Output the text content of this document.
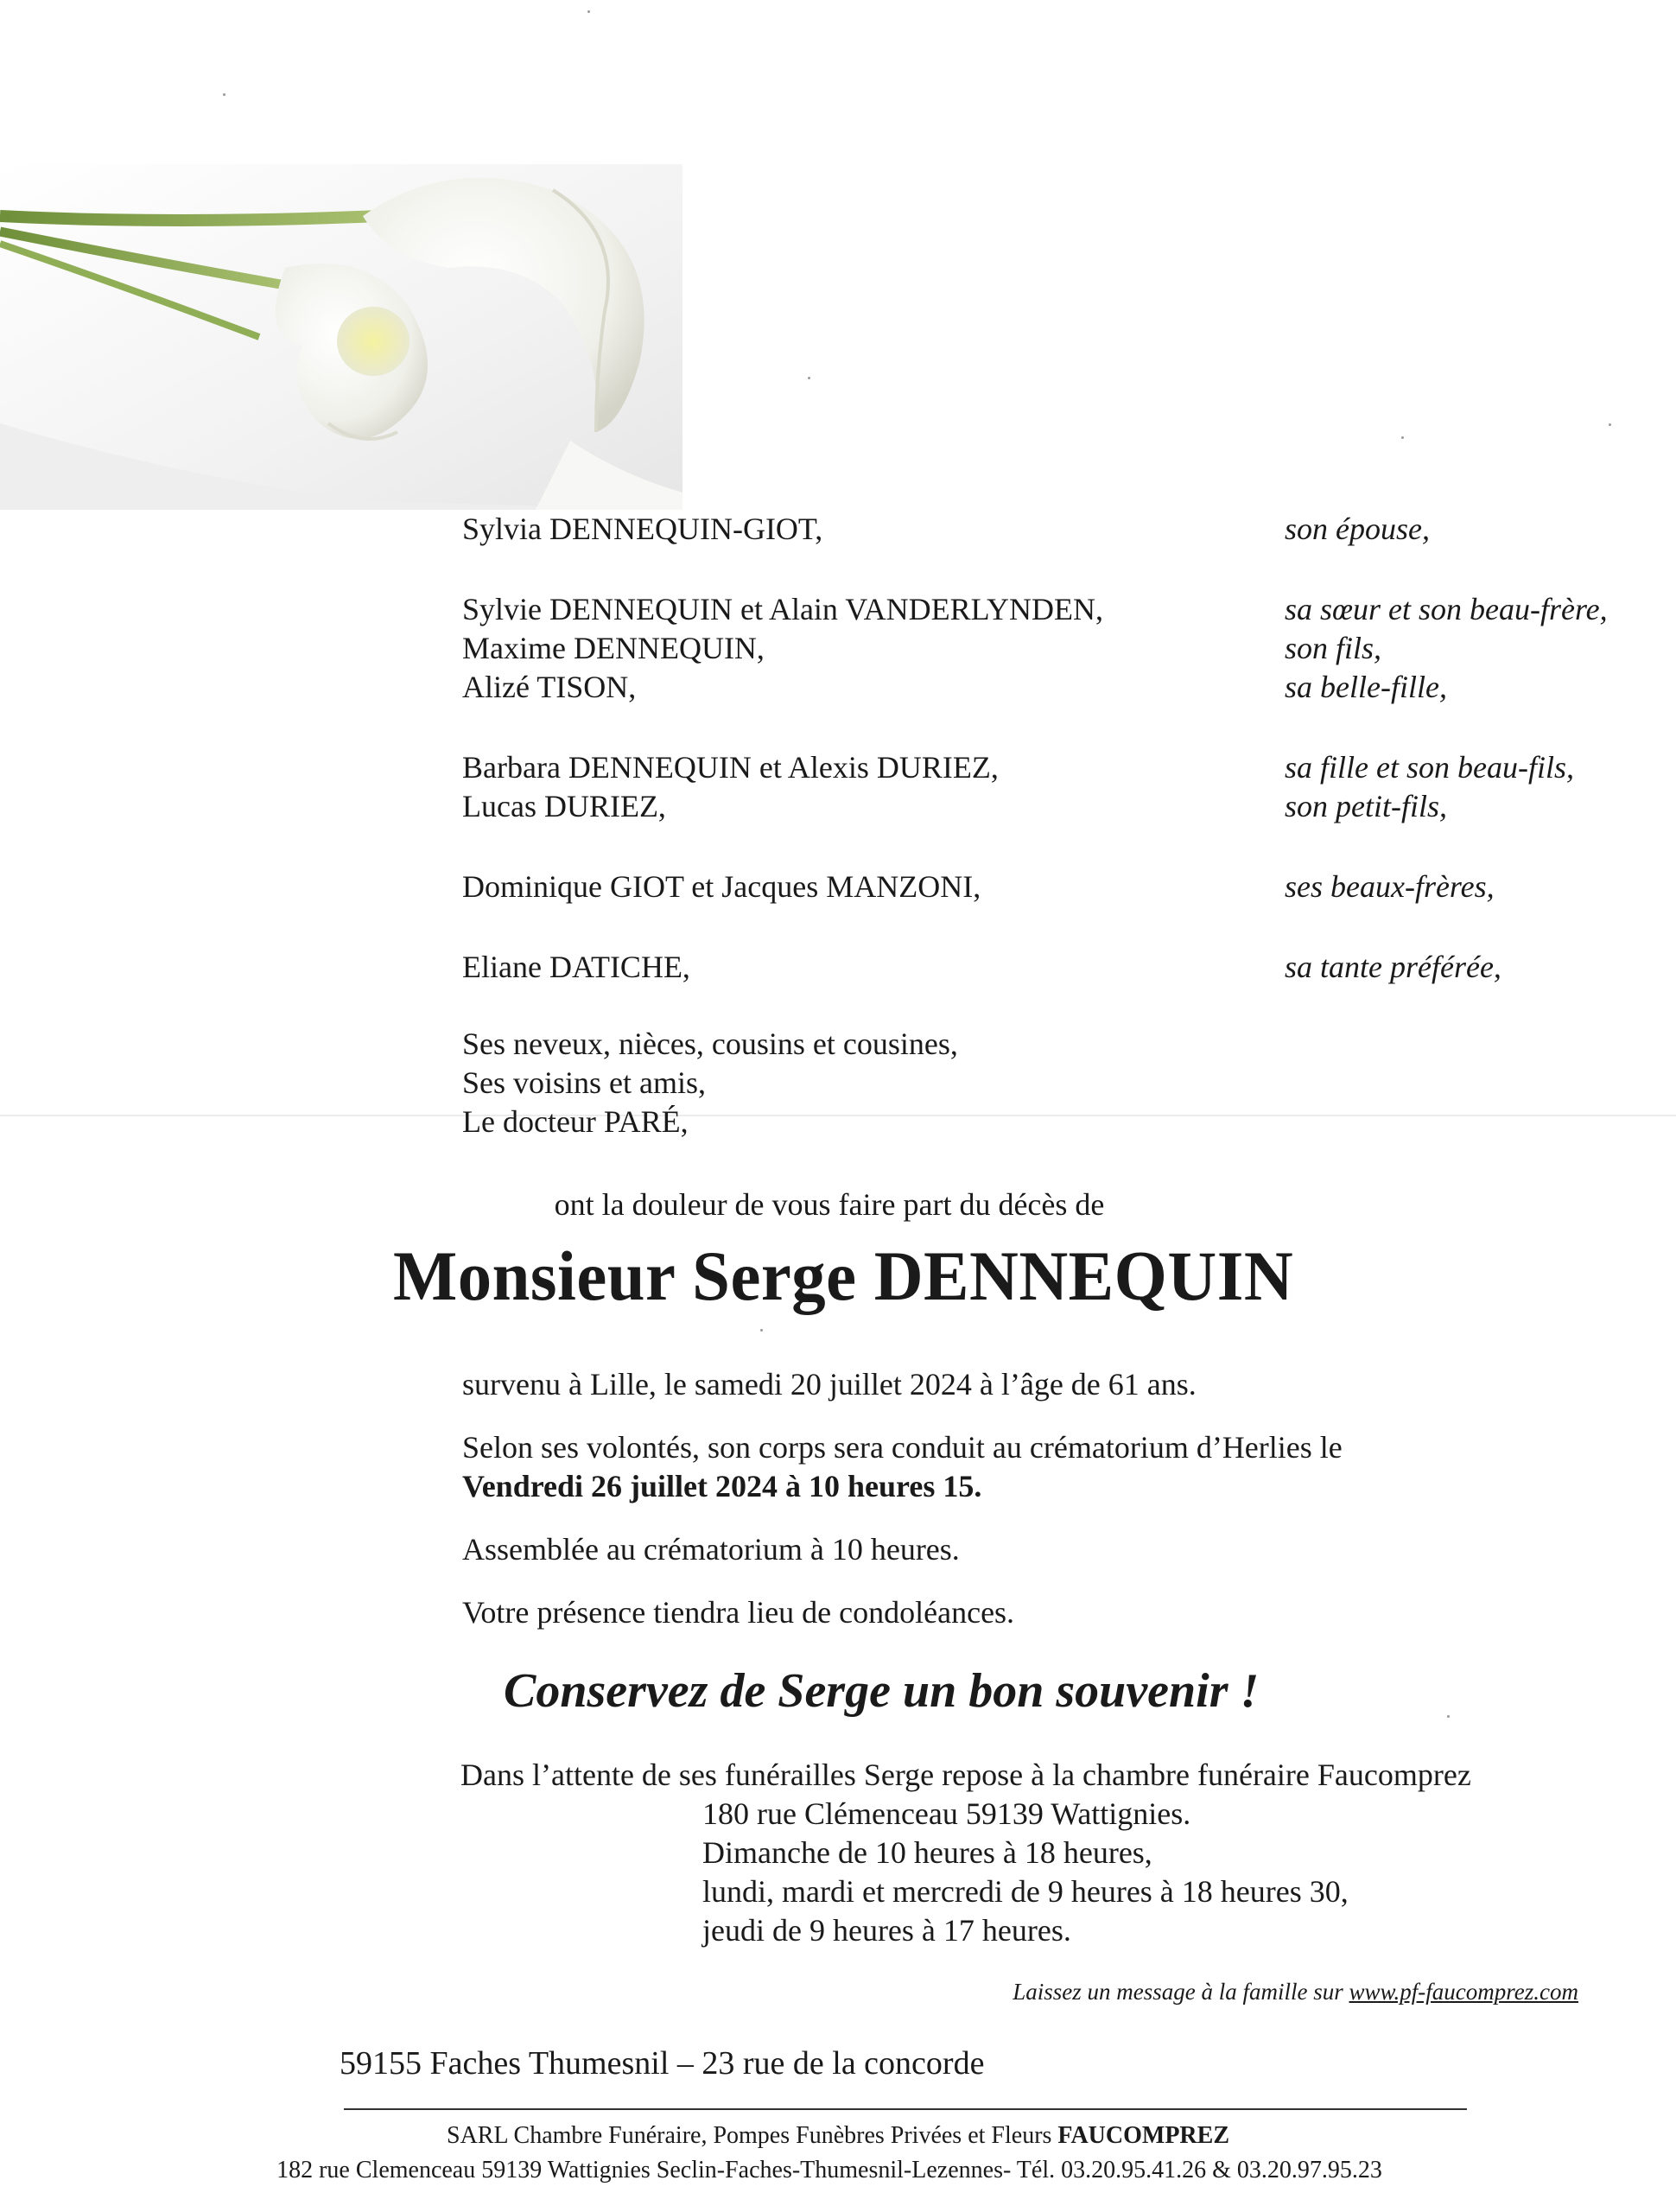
Sylvia DENNEQUIN-GIOT,	son épouse,
Sylvie DENNEQUIN et Alain VANDERLYNDEN,	sa sœur et son beau-frère,
Maxime DENNEQUIN,	son fils,
Alizé TISON,	sa belle-fille,
Barbara DENNEQUIN et Alexis DURIEZ,	sa fille et son beau-fils,
Lucas DURIEZ,	son petit-fils,
Dominique GIOT et Jacques MANZONI,	ses beaux-frères,
Eliane DATICHE,	sa tante préférée,
Ses neveux, nièces, cousins et cousines,
Ses voisins et amis,
Le docteur PARÉ,
ont la douleur de vous faire part du décès de
Monsieur Serge DENNEQUIN

survenu à Lille, le samedi 20 juillet 2024 à l’âge de 61 ans.

Selon ses volontés, son corps sera conduit au crématorium d’Herlies le
Vendredi 26 juillet 2024 à 10 heures 15.

Assemblée au crématorium à 10 heures.

Votre présence tiendra lieu de condoléances.

Conservez de Serge un bon souvenir !
Dans l’attente de ses funérailles Serge repose à la chambre funéraire Faucomprez
180 rue Clémenceau 59139 Wattignies.
Dimanche de 10 heures à 18 heures,
lundi, mardi et mercredi de 9 heures à 18 heures 30,
jeudi de 9 heures à 17 heures.
Laissez un message à la famille sur www.pf-faucomprez.com
59155 Faches Thumesnil – 23 rue de la concorde
SARL Chambre Funéraire, Pompes Funèbres Privées et Fleurs FAUCOMPREZ
182 rue Clemenceau 59139 Wattignies Seclin-Faches-Thumesnil-Lezennes- Tél. 03.20.95.41.26 & 03.20.97.95.23
